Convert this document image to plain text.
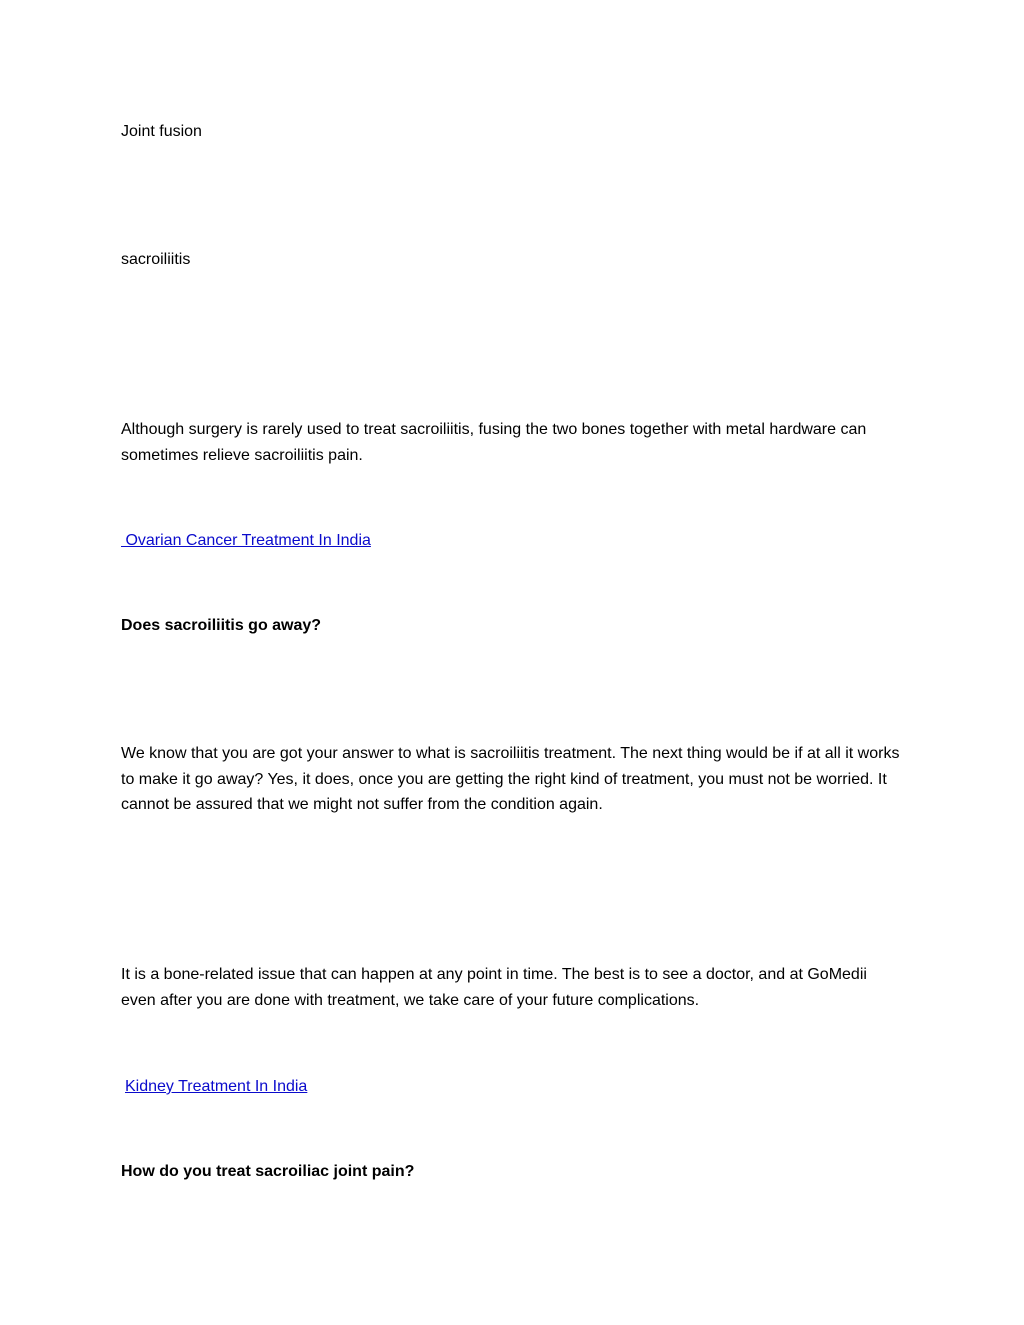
Joint fusion

sacroiliitis

Although surgery is rarely used to treat sacroiliitis, fusing the two bones together with metal hardware can sometimes relieve sacroiliitis pain.

Ovarian Cancer Treatment In India

Does sacroiliitis go away?

We know that you are got your answer to what is sacroiliitis treatment. The next thing would be if at all it works to make it go away? Yes, it does, once you are getting the right kind of treatment, you must not be worried. It cannot be assured that we might not suffer from the condition again.

It is a bone-related issue that can happen at any point in time. The best is to see a doctor, and at GoMedii even after you are done with treatment, we take care of your future complications.

Kidney Treatment In India

How do you treat sacroiliac joint pain?
